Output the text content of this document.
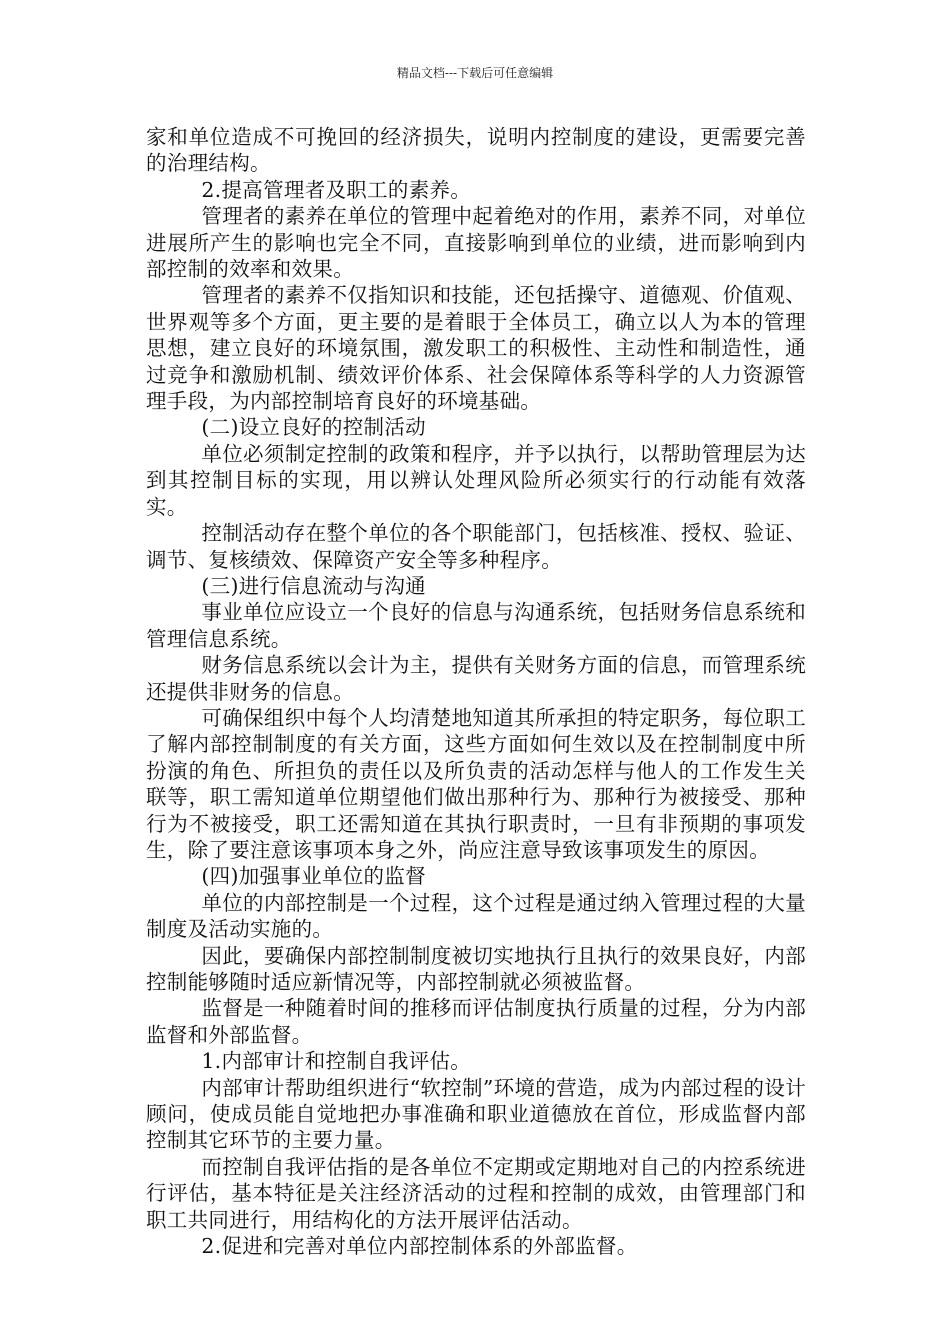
精品文档---下载后可任意编辑

家和单位造成不可挽回的经济损失，说明内控制度的建设，更需要完善的治理结构。

2.提高管理者及职工的素养。

管理者的素养在单位的管理中起着绝对的作用，素养不同，对单位进展所产生的影响也完全不同，直接影响到单位的业绩，进而影响到内部控制的效率和效果。

管理者的素养不仅指知识和技能，还包括操守、道德观、价值观、世界观等多个方面，更主要的是着眼于全体员工，确立以人为本的管理思想，建立良好的环境氛围，激发职工的积极性、主动性和制造性，通过竞争和激励机制、绩效评价体系、社会保障体系等科学的人力资源管理手段，为内部控制培育良好的环境基础。

(二)设立良好的控制活动

单位必须制定控制的政策和程序，并予以执行，以帮助管理层为达到其控制目标的实现，用以辨认处理风险所必须实行的行动能有效落实。

控制活动存在整个单位的各个职能部门，包括核准、授权、验证、调节、复核绩效、保障资产安全等多种程序。

(三)进行信息流动与沟通

事业单位应设立一个良好的信息与沟通系统，包括财务信息系统和管理信息系统。

财务信息系统以会计为主，提供有关财务方面的信息，而管理系统还提供非财务的信息。

可确保组织中每个人均清楚地知道其所承担的特定职务，每位职工了解内部控制制度的有关方面，这些方面如何生效以及在控制制度中所扮演的角色、所担负的责任以及所负责的活动怎样与他人的工作发生关联等，职工需知道单位期望他们做出那种行为、那种行为被接受、那种行为不被接受，职工还需知道在其执行职责时，一旦有非预期的事项发生，除了要注意该事项本身之外，尚应注意导致该事项发生的原因。

(四)加强事业单位的监督

单位的内部控制是一个过程，这个过程是通过纳入管理过程的大量制度及活动实施的。

因此，要确保内部控制制度被切实地执行且执行的效果良好，内部控制能够随时适应新情况等，内部控制就必须被监督。

监督是一种随着时间的推移而评估制度执行质量的过程，分为内部监督和外部监督。

1.内部审计和控制自我评估。

内部审计帮助组织进行“软控制”环境的营造，成为内部过程的设计顾问，使成员能自觉地把办事准确和职业道德放在首位，形成监督内部控制其它环节的主要力量。

而控制自我评估指的是各单位不定期或定期地对自己的内控系统进行评估，基本特征是关注经济活动的过程和控制的成效，由管理部门和职工共同进行，用结构化的方法开展评估活动。

2.促进和完善对单位内部控制体系的外部监督。
